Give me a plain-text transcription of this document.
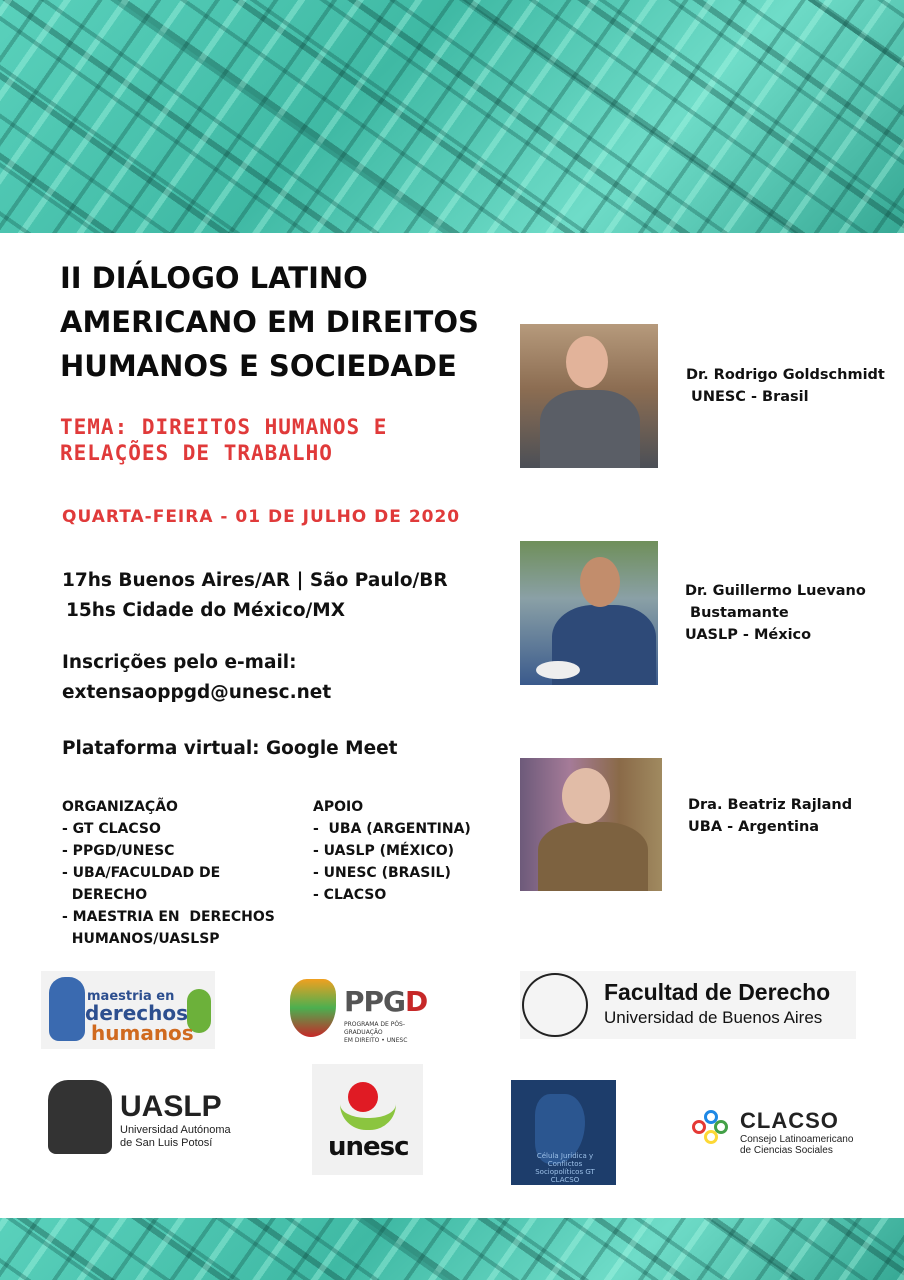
II DIÁLOGO LATINO
AMERICANO EM DIREITOS
HUMANOS E SOCIEDADE
TEMA: DIREITOS HUMANOS E
RELAÇÕES DE TRABALHO
QUARTA-FEIRA - 01 DE JULHO DE 2020
17hs Buenos Aires/AR | São Paulo/BR
15hs Cidade do México/MX
Inscrições pelo e-mail:
extensaoppgd@unesc.net
Plataforma virtual: Google Meet
ORGANIZAÇÃO
- GT CLACSO
- PPGD/UNESC
- UBA/FACULDAD DE
DERECHO
- MAESTRIA EN  DERECHOS
HUMANOS/UASLSP
APOIO
-  UBA (ARGENTINA)
- UASLP (MÉXICO)
- UNESC (BRASIL)
- CLACSO
Dr. Rodrigo Goldschmidt
UNESC - Brasil
Dr. Guillermo Luevano
Bustamante
UASLP - México
Dra. Beatriz Rajland
UBA - Argentina
maestria en
derechos
humanos
PPGD
PROGRAMA DE PÓS-GRADUAÇÃO
EM DIREITO • UNESC
Facultad de Derecho
Universidad de Buenos Aires
UASLP
Universidad Autónoma
de San Luis Potosí	unesc	Célula Jurídica y Conflictos Sociopolíticos GT CLACSO
CLACSO
Consejo Latinoamericano
de Ciencias Sociales
